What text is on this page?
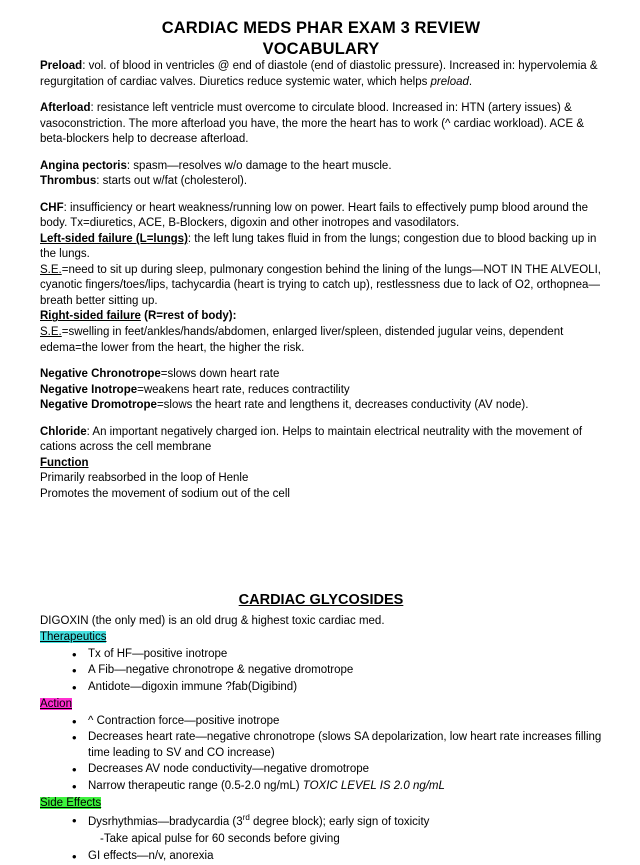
CARDIAC MEDS PHAR EXAM 3 REVIEW
VOCABULARY

Preload: vol. of blood in ventricles @ end of diastole (end of diastolic pressure). Increased in: hypervolemia & regurgitation of cardiac valves. Diuretics reduce systemic water, which helps preload.

Afterload: resistance left ventricle must overcome to circulate blood. Increased in: HTN (artery issues) & vasoconstriction. The more afterload you have, the more the heart has to work (^ cardiac workload). ACE & beta-blockers help to decrease afterload.

Angina pectoris: spasm—resolves w/o damage to the heart muscle.

Thrombus: starts out w/fat (cholesterol).

CHF: insufficiency or heart weakness/running low on power. Heart fails to effectively pump blood around the body. Tx=diuretics, ACE, B-Blockers, digoxin and other inotropes and vasodilators.

Left-sided failure (L=lungs): the left lung takes fluid in from the lungs; congestion due to blood backing up in the lungs.

S.E.=need to sit up during sleep, pulmonary congestion behind the lining of the lungs—NOT IN THE ALVEOLI, cyanotic fingers/toes/lips, tachycardia (heart is trying to catch up), restlessness due to lack of O2, orthopnea—breath better sitting up.

Right-sided failure (R=rest of body):

S.E.=swelling in feet/ankles/hands/abdomen, enlarged liver/spleen, distended jugular veins, dependent edema=the lower from the heart, the higher the risk.

Negative Chronotrope=slows down heart rate

Negative Inotrope=weakens heart rate, reduces contractility

Negative Dromotrope=slows the heart rate and lengthens it, decreases conductivity (AV node).

Chloride: An important negatively charged ion. Helps to maintain electrical neutrality with the movement of cations across the cell membrane

Function

Primarily reabsorbed in the loop of Henle

Promotes the movement of sodium out of the cell

CARDIAC GLYCOSIDES

DIGOXIN (the only med) is an old drug & highest toxic cardiac med.

Therapeutics

• Tx of HF—positive inotrope
• A Fib—negative chronotrope & negative dromotrope
• Antidote—digoxin immune ?fab(Digibind)

Action

• ^ Contraction force—positive inotrope
• Decreases heart rate—negative chronotrope (slows SA depolarization, low heart rate increases filling time leading to SV and CO increase)
• Decreases AV node conductivity—negative dromotrope
• Narrow therapeutic range (0.5-2.0 ng/mL) TOXIC LEVEL IS 2.0 ng/mL

Side Effects

• Dysrhythmias—bradycardia (3rd degree block); early sign of toxicity

-Take apical pulse for 60 seconds before giving

• GI effects—n/v, anorexia
